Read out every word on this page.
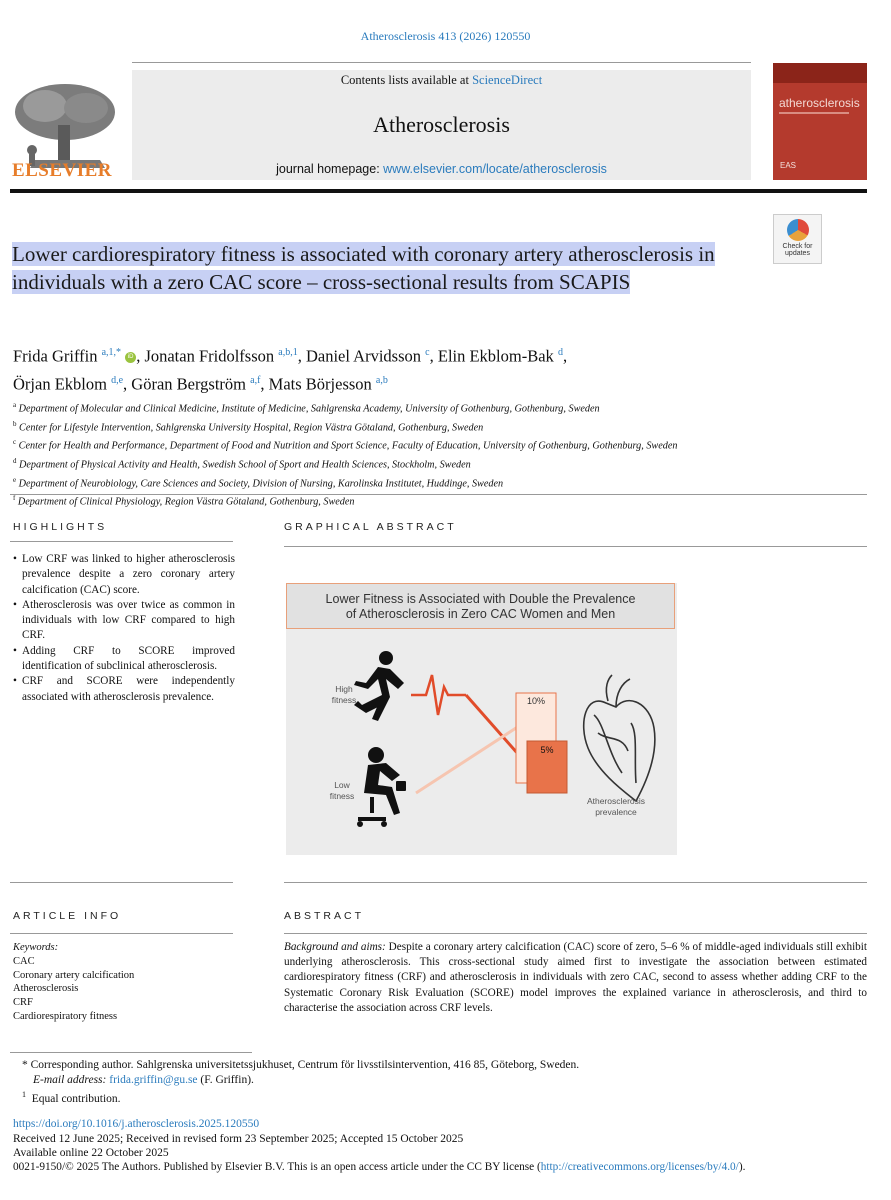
Atherosclerosis 413 (2026) 120550
ELSEVIER
Contents lists available at ScienceDirect
Atherosclerosis
journal homepage: www.elsevier.com/locate/atherosclerosis
atherosclerosis
EAS
Check for updates
Lower cardiorespiratory fitness is associated with coronary artery atherosclerosis in individuals with a zero CAC score – cross-sectional results from SCAPIS
Frida Griffin $^{a,1,*}$ iD , Jonatan Fridolfsson $^{a,b,1}$, Daniel Arvidsson $^c$, Elin Ekblom-Bak $^d$,
Örjan Ekblom $^{d,e}$, Göran Bergström $^{a,f}$, Mats Börjesson $^{a,b}$
$^a$ Department of Molecular and Clinical Medicine, Institute of Medicine, Sahlgrenska Academy, University of Gothenburg, Gothenburg, Sweden
$^b$ Center for Lifestyle Intervention, Sahlgrenska University Hospital, Region Västra Götaland, Gothenburg, Sweden
$^c$ Center for Health and Performance, Department of Food and Nutrition and Sport Science, Faculty of Education, University of Gothenburg, Gothenburg, Sweden
$^d$ Department of Physical Activity and Health, Swedish School of Sport and Health Sciences, Stockholm, Sweden
$^e$ Department of Neurobiology, Care Sciences and Society, Division of Nursing, Karolinska Institutet, Huddinge, Sweden
$^f$ Department of Clinical Physiology, Region Västra Götaland, Gothenburg, Sweden
HIGHLIGHTS
• Low CRF was linked to higher atherosclerosis prevalence despite a zero coronary artery calcification (CAC) score.
• Atherosclerosis was over twice as common in individuals with low CRF compared to high CRF.
• Adding CRF to SCORE improved identification of subclinical atherosclerosis.
• CRF and SCORE were independently associated with atherosclerosis prevalence.
GRAPHICAL ABSTRACT
Lower Fitness is Associated with Double the Prevalence
of Atherosclerosis in Zero CAC Women and Men
High
fitness
Low
fitness
10%
5%
Atherosclerosis
prevalence
ARTICLE INFO
Keywords:
CAC
Coronary artery calcification
Atherosclerosis
CRF
Cardiorespiratory fitness
ABSTRACT
Background and aims: Despite a coronary artery calcification (CAC) score of zero, 5–6 % of middle-aged individuals still exhibit underlying atherosclerosis. This cross-sectional study aimed first to investigate the association between estimated cardiorespiratory fitness (CRF) and atherosclerosis in individuals with zero CAC, second to assess whether adding CRF to the Systematic Coronary Risk Evaluation (SCORE) model improves the explained variance in atherosclerosis, and third to characterise the association across CRF levels.
* Corresponding author. Sahlgrenska universitetssjukhuset, Centrum för livsstilsintervention, 416 85, Göteborg, Sweden.
E-mail address: frida.griffin@gu.se (F. Griffin).
$^1$ Equal contribution.
https://doi.org/10.1016/j.atherosclerosis.2025.120550
Received 12 June 2025; Received in revised form 23 September 2025; Accepted 15 October 2025
Available online 22 October 2025
0021-9150/© 2025 The Authors. Published by Elsevier B.V. This is an open access article under the CC BY license (http://creativecommons.org/licenses/by/4.0/).
